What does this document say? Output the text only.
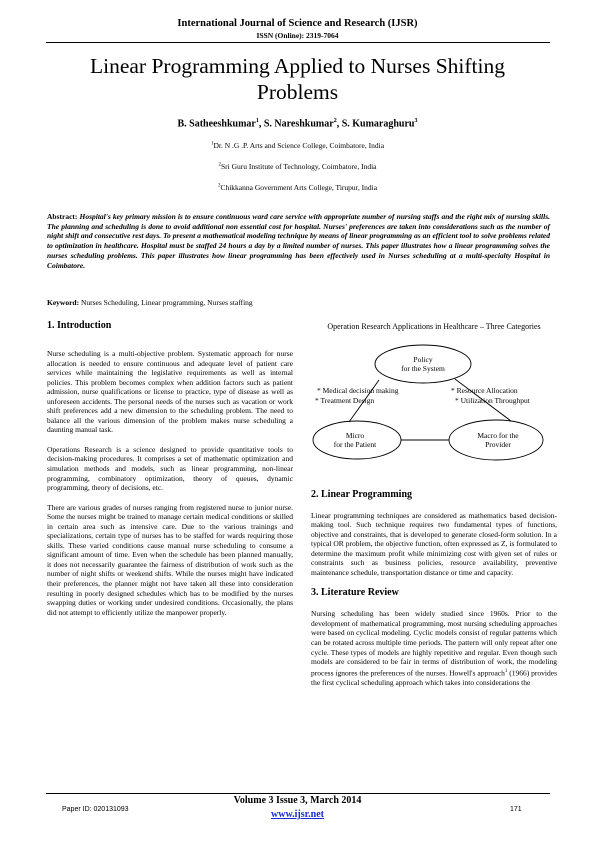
International Journal of Science and Research (IJSR)
ISSN (Online): 2319-7064
Linear Programming Applied to Nurses Shifting
Problems
B. Satheeshkumar$^1$, S. Nareshkumar$^2$, S. Kumaraghuru$^3$
$^1$Dr. N .G .P. Arts and Science College, Coimbatore, India
$^2$Sri Guru Institute of Technology, Coimbatore, India
$^3$Chikkanna Government Arts College, Tirupur, India
Abstract: Hospital's key primary mission is to ensure continuous ward care service with appropriate number of nursing staffs and the right mix of nursing skills. The planning and scheduling is done to avoid additional non essential cost for hospital. Nurses' preferences are taken into considerations such as the number of night shift and consecutive rest days. To present a mathematical modeling technique by means of linear programming as an efficient tool to solve problems related to optimization in healthcare. Hospital must be staffed 24 hours a day by a limited number of nurses. This paper illustrates how a linear programming solves the nurses scheduling problems. This paper illustrates how linear programming has been effectively used in Nurses scheduling at a multi-specialty Hospital in Coimbatore.
Keyword: Nurses Scheduling, Linear programming, Nurses staffing
1. Introduction

Nurse scheduling is a multi-objective problem. Systematic approach for nurse allocation is needed to ensure continuous and adequate level of patient care services while maintaining the legislative requirements as well as internal policies. This problem becomes complex when addition factors such as patient admission, nurse qualifications or license to practice, type of disease as well as unforeseen accidents. The personal needs of the nurses such as vacation or work shift preferences add a new dimension to the scheduling problem. The need to balance all the various dimension of the problem makes nurse scheduling a daunting manual task.

Operations Research is a science designed to provide quantitative tools to decision-making procedures. It comprises a set of mathematic optimization and simulation methods and models, such as linear programming, non-linear programming, combinatory optimization, theory of queues, dynamic programming, theory of decisions, etc.

There are various grades of nurses ranging from registered nurse to junior nurse. Some the nurses might be trained to manage certain medical conditions or skilled in certain area such as intensive care. Due to the various trainings and specializations, certain type of nurses has to be staffed for wards requiring those skills. These varied conditions cause manual nurse scheduling to consume a significant amount of time. Even when the schedule has been planned manually, it does not necessarily guarantee the fairness of distribution of work such as the number of night shifts or weekend shifts. While the nurses might have indicated their preferences, the planner might not have taken all these into consideration resulting in poorly designed schedules which has to be modified by the nurses swapping duties or working under undesired conditions. Occasionally, the plans did not attempt to efficiently utilize the manpower properly.

Operation Research Applications in Healthcare – Three Categories
Policy
for the System
Micro
for the Patient
Macro for the
Provider
* Medical decision making
* Treatment Design
* Resource Allocation
* Utilization Throughput
2. Linear Programming

Linear programming techniques are considered as mathematics based decision-making tool. Such technique requires two fundamental types of functions, objective and constraints, that is developed to generate closed-form solution. In a typical OR problem, the objective function, often expressed as Z, is formulated to determine the maximum profit while minimizing cost with given set of rules or constraints such as business policies, resource availability, preventive maintenance schedule, transportation distance or time and capacity.

3. Literature Review

Nursing scheduling has been widely studied since 1960s. Prior to the development of mathematical programming, most nursing scheduling approaches were based on cyclical modeling. Cyclic models consist of regular patterns which can be rotated across multiple time periods. The pattern will only repeat after one cycle. These types of models are highly repetitive and regular. Even though such models are considered to be fair in terms of distribution of work, the modeling process ignores the preferences of the nurses. Howell's approach$^1$ (1966) provides the first cyclical scheduling approach which takes into considerations the

Volume 3 Issue 3, March 2014
www.ijsr.net
Paper ID: 020131093	171
